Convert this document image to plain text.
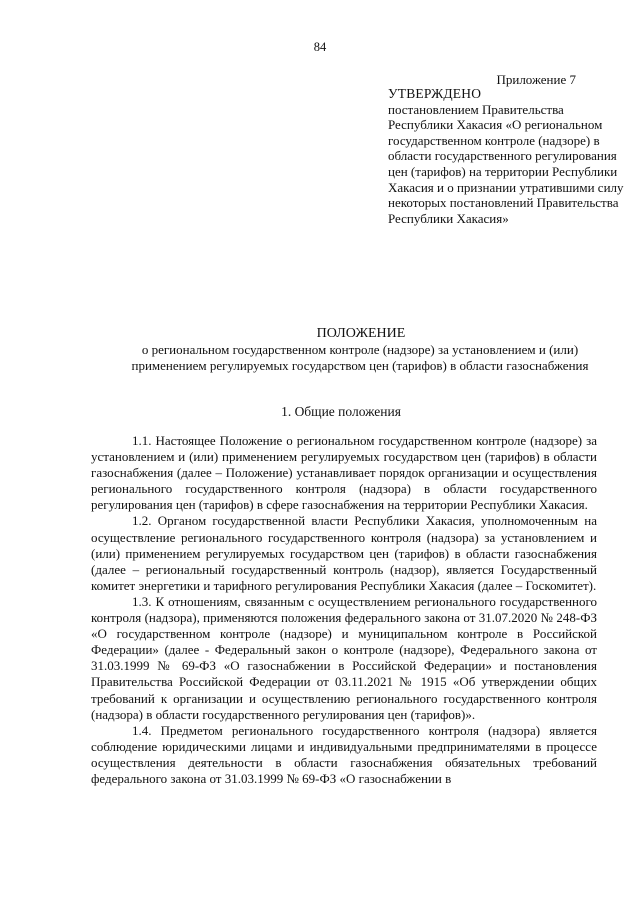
84
Приложение 7
УТВЕРЖДЕНО
постановлением Правительства Республики Хакасия «О региональном государственном контроле (надзоре) в области государственного регулирования цен (тарифов) на территории Республики Хакасия и о признании утратившими силу некоторых постановлений Правительства Республики Хакасия»
ПОЛОЖЕНИЕ
о региональном государственном контроле (надзоре) за установлением и (или) применением регулируемых государством цен (тарифов) в области газоснабжения
1. Общие положения

1.1. Настоящее Положение о региональном государственном контроле (надзоре) за установлением и (или) применением регулируемых государством цен (тарифов) в области газоснабжения (далее – Положение) устанавливает порядок организации и осуществления регионального государственного контроля (надзора) в области государственного регулирования цен (тарифов) в сфере газоснабжения на территории Республики Хакасия.

1.2. Органом государственной власти Республики Хакасия, уполномоченным на осуществление регионального государственного контроля (надзора) за установлением и (или) применением регулируемых государством цен (тарифов) в области газоснабжения (далее – региональный государственный контроль (надзор), является Государственный комитет энергетики и тарифного регулирования Республики Хакасия (далее – Госкомитет).

1.3. К отношениям, связанным с осуществлением регионального государственного контроля (надзора), применяются положения федерального закона от 31.07.2020 № 248-ФЗ «О государственном контроле (надзоре) и муниципальном контроле в Российской Федерации» (далее - Федеральный закон о контроле (надзоре), Федерального закона от 31.03.1999 № 69-ФЗ «О газоснабжении в Российской Федерации» и постановления Правительства Российской Федерации от 03.11.2021 № 1915 «Об утверждении общих требований к организации и осуществлению регионального государственного контроля (надзора) в области государственного регулирования цен (тарифов)».

1.4. Предметом регионального государственного контроля (надзора) является соблюдение юридическими лицами и индивидуальными предпринимателями в процессе осуществления деятельности в области газоснабжения обязательных требований федерального закона от 31.03.1999 № 69-ФЗ «О газоснабжении в
